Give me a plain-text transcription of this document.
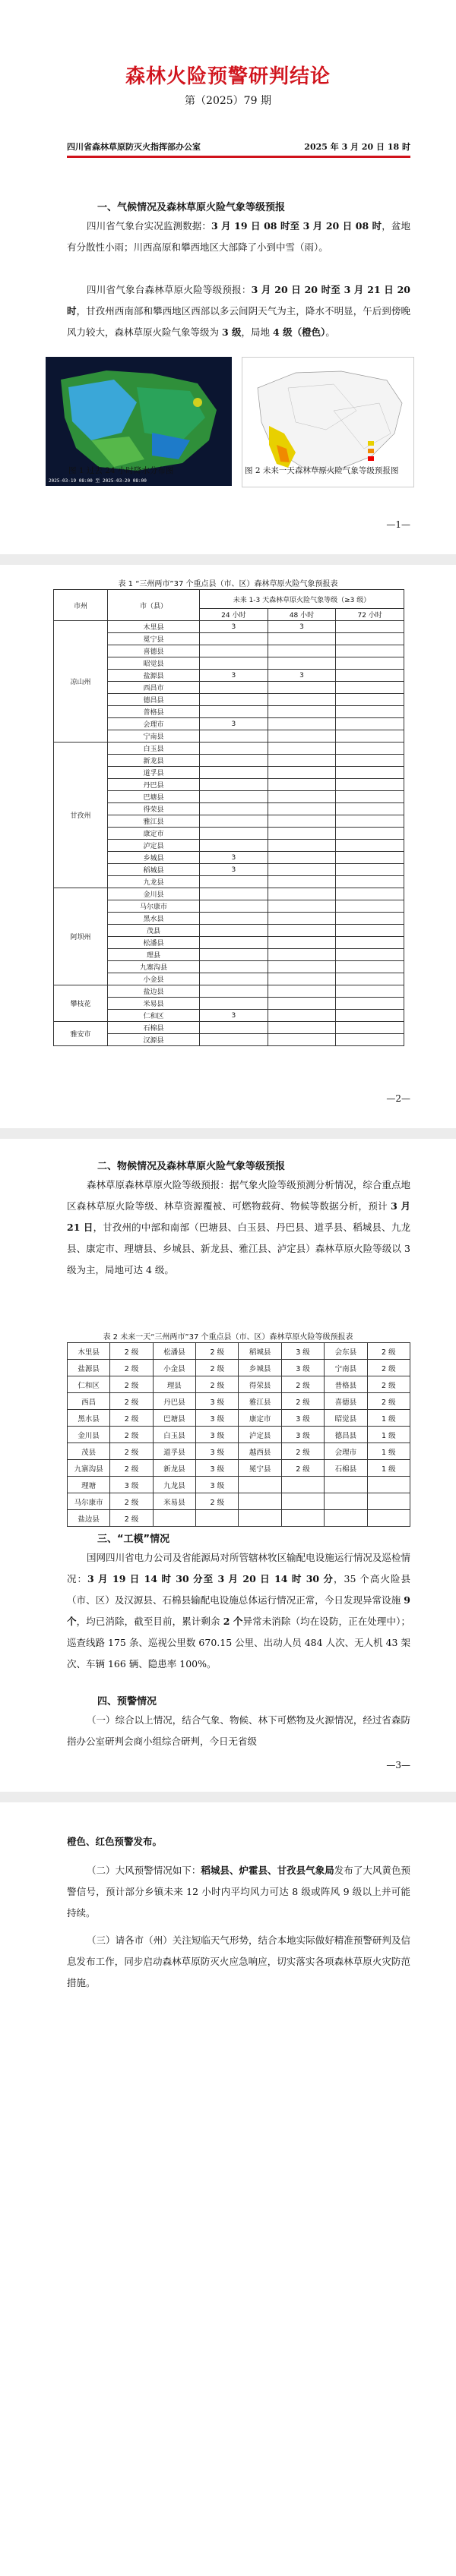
森林火险预警研判结论
第（2025）79 期
四川省森林草原防灭火指挥部办公室	2025 年 3 月 20 日 18 时
一、气候情况及森林草原火险气象等级预报
四川省气象台实况监测数据：3 月 19 日 08 时至 3 月 20 日 08 时，盆地有分散性小雨；川西高原和攀西地区大部降了小到中雪（雨）。
四川省气象台森林草原火险等级预报：3 月 20 日 20 时至 3 月 21 日 20 时，甘孜州西南部和攀西地区西部以多云间阴天气为主，降水不明显，午后到傍晚风力较大，森林草原火险气象等级为 3 级，局地 4 级（橙色）。
2025-03-19 08:00 至 2025-03-20 08:00
图 1 过去 24 小时降水分布图	图 2 未来一天森林草原火险气象等级预报图
—1—
表 1 “三州两市”37 个重点县（市、区）森林草原火险气象预报表
市州	市（县）	未来 1-3 天森林草原火险气象等级（≥3 级）		
		24 小时	48 小时	72 小时
凉山州	木里县	3	3	
	冕宁县			
	喜德县			
	昭觉县			
	盐源县	3	3	
	西昌市			
	德昌县			
	普格县			
	会理市	3		
	宁南县			
甘孜州	白玉县			
	新龙县			
	道孚县			
	丹巴县			
	巴塘县			
	得荣县			
	雅江县			
	康定市			
	泸定县			
	乡城县	3		
	稻城县	3		
	九龙县			
阿坝州	金川县			
	马尔康市			
	黑水县			
	茂县			
	松潘县			
	理县			
	九寨沟县			
	小金县			
攀枝花	盐边县			
	米易县			
	仁和区	3		
雅安市	石棉县			
	汉源县			
—2—
二、物候情况及森林草原火险气象等级预报
森林草原森林草原火险等级预报：据气象火险等级预测分析情况，综合重点地区森林草原火险等级、林草资源覆被、可燃物载荷、物候等数据分析，预计 3 月 21 日，甘孜州的中部和南部（巴塘县、白玉县、丹巴县、道孚县、稻城县、九龙县、康定市、理塘县、乡城县、新龙县、雅江县、泸定县）森林草原火险等级以 3 级为主，局地可达 4 级。
表 2 未来一天“三州两市”37 个重点县（市、区）森林草原火险等级预报表
木里县	2 级	松潘县	2 级	稻城县	3 级	会东县	2 级
盐源县	2 级	小金县	2 级	乡城县	3 级	宁南县	2 级
仁和区	2 级	理县	2 级	得荣县	2 级	普格县	2 级
西昌	2 级	丹巴县	3 级	雅江县	2 级	喜德县	2 级
黑水县	2 级	巴塘县	3 级	康定市	3 级	昭觉县	1 级
金川县	2 级	白玉县	3 级	泸定县	3 级	德昌县	1 级
茂县	2 级	道孚县	3 级	越西县	2 级	会理市	1 级
九寨沟县	2 级	新龙县	3 级	冕宁县	2 级	石棉县	1 级
理塘	3 级	九龙县	3 级				
马尔康市	2 级	米易县	2 级				
盐边县	2 级						
三、“工模”情况
国网四川省电力公司及省能源局对所管辖林牧区输配电设施运行情况及巡检情况：3 月 19 日 14 时 30 分至 3 月 20 日 14 时 30 分，35 个高火险县（市、区）及汉源县、石棉县输配电设施总体运行情况正常，今日发现异常设施 9 个，均已消除，截至目前，累计剩余 2 个异常未消除（均在设防，正在处理中）；巡查线路 175 条、巡视公里数 670.15 公里、出动人员 484 人次、无人机 43 架次、车辆 166 辆、隐患率 100%。
四、预警情况
（一）综合以上情况，结合气象、物候、林下可燃物及火源情况，经过省森防指办公室研判会商小组综合研判，今日无省级
—3—
橙色、红色预警发布。
（二）大风预警情况如下：稻城县、炉霍县、甘孜县气象局发布了大风黄色预警信号，预计部分乡镇未来 12 小时内平均风力可达 8 级或阵风 9 级以上并可能持续。
（三）请各市（州）关注短临天气形势，结合本地实际做好精准预警研判及信息发布工作，同步启动森林草原防灭火应急响应，切实落实各项森林草原火灾防范措施。
